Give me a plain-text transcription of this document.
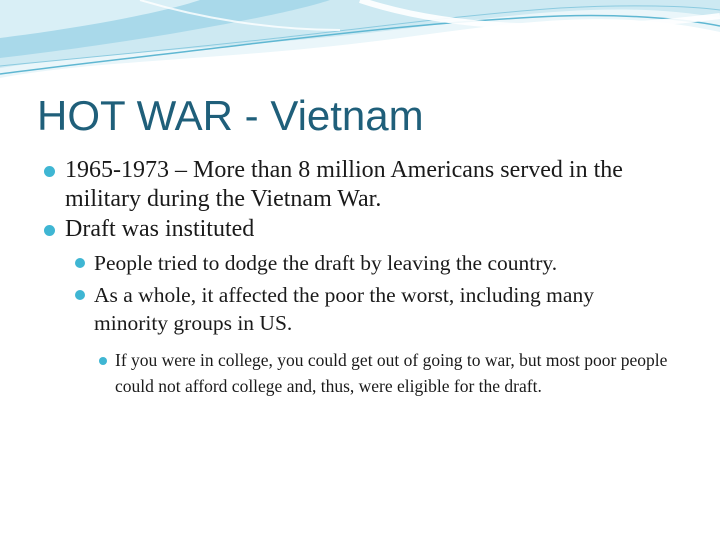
HOT WAR - Vietnam
1965-1973 – More than 8 million Americans served in the military during the Vietnam War.
Draft was instituted
People tried to dodge the draft by leaving the country.
As a whole, it affected the poor the worst, including many minority groups in US.
If you were in college, you could get out of going to war, but most poor people could not afford college and, thus, were eligible for the draft.
